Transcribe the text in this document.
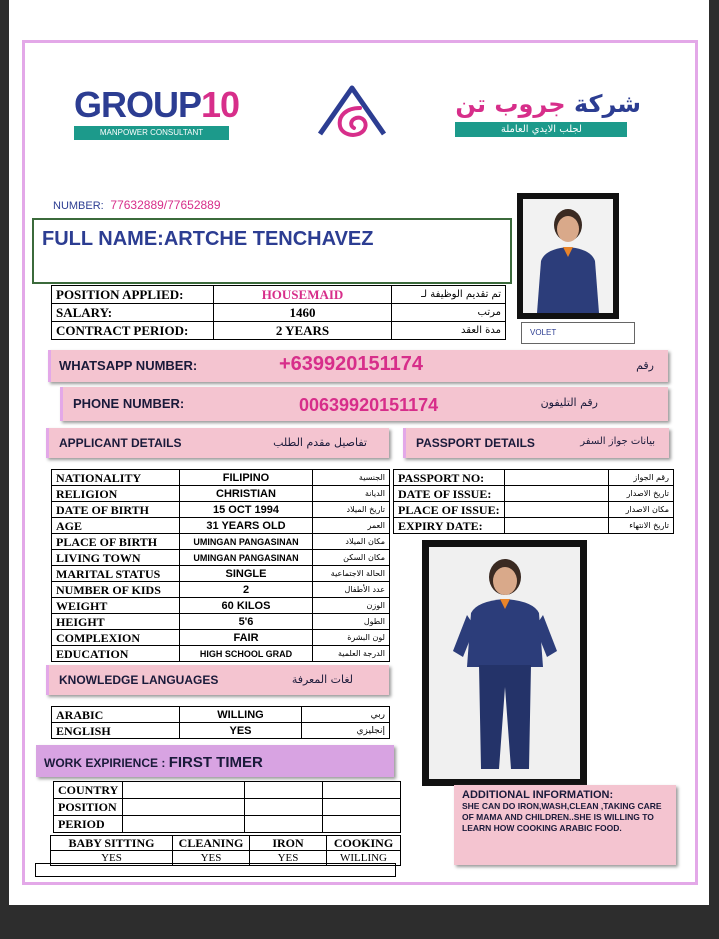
GROUP10
MANPOWER CONSULTANT
شركة جروب تن
لجلب الايدي العاملة
NUMBER: 77632889/77652889
FULL NAME:ARTCHE TENCHAVEZ
VOLET
POSITION APPLIED:	HOUSEMAID	تم تقديم الوظيفة لـ
SALARY:	1460	مرتب
CONTRACT PERIOD:	2 YEARS	مدة العقد
WHATSAPP NUMBER:	+639920151174	رقم
PHONE NUMBER:	00639920151174	رقم التليفون
APPLICANT DETAILS	تفاصيل مقدم الطلب	PASSPORT DETAILS	بيانات جواز السفر
NATIONALITY	FILIPINO	الجنسية
RELIGION	CHRISTIAN	الديانة
DATE OF BIRTH	15 OCT 1994	تاريخ الميلاد
AGE	31 YEARS OLD	العمر
PLACE OF BIRTH	UMINGAN PANGASINAN	مكان الميلاد
LIVING TOWN	UMINGAN PANGASINAN	مكان السكن
MARITAL STATUS	SINGLE	الحالة الاجتماعية
NUMBER OF KIDS	2	عدد الأطفال
WEIGHT	60 KILOS	الوزن
HEIGHT	5'6	الطول
COMPLEXION	FAIR	لون البشرة
EDUCATION	HIGH SCHOOL GRAD	الدرجة العلمية
PASSPORT NO:		رقم الجواز
DATE OF ISSUE:		تاريخ الاصدار
PLACE OF ISSUE:		مكان الاصدار
EXPIRY DATE:		تاريخ الانتهاء
KNOWLEDGE LANGUAGES	لغات المعرفة
ARABIC	WILLING	ربي
ENGLISH	YES	إنجليزي
WORK EXPIRIENCE : FIRST TIMER
COUNTRY			
POSITION			
PERIOD			
BABY SITTING	CLEANING	IRON	COOKING
YES	YES	YES	WILLING
ADDITIONAL INFORMATION:
SHE CAN DO IRON,WASH,CLEAN ,TAKING CARE OF MAMA AND CHILDREN..SHE IS WILLING TO LEARN HOW COOKING ARABIC FOOD.
